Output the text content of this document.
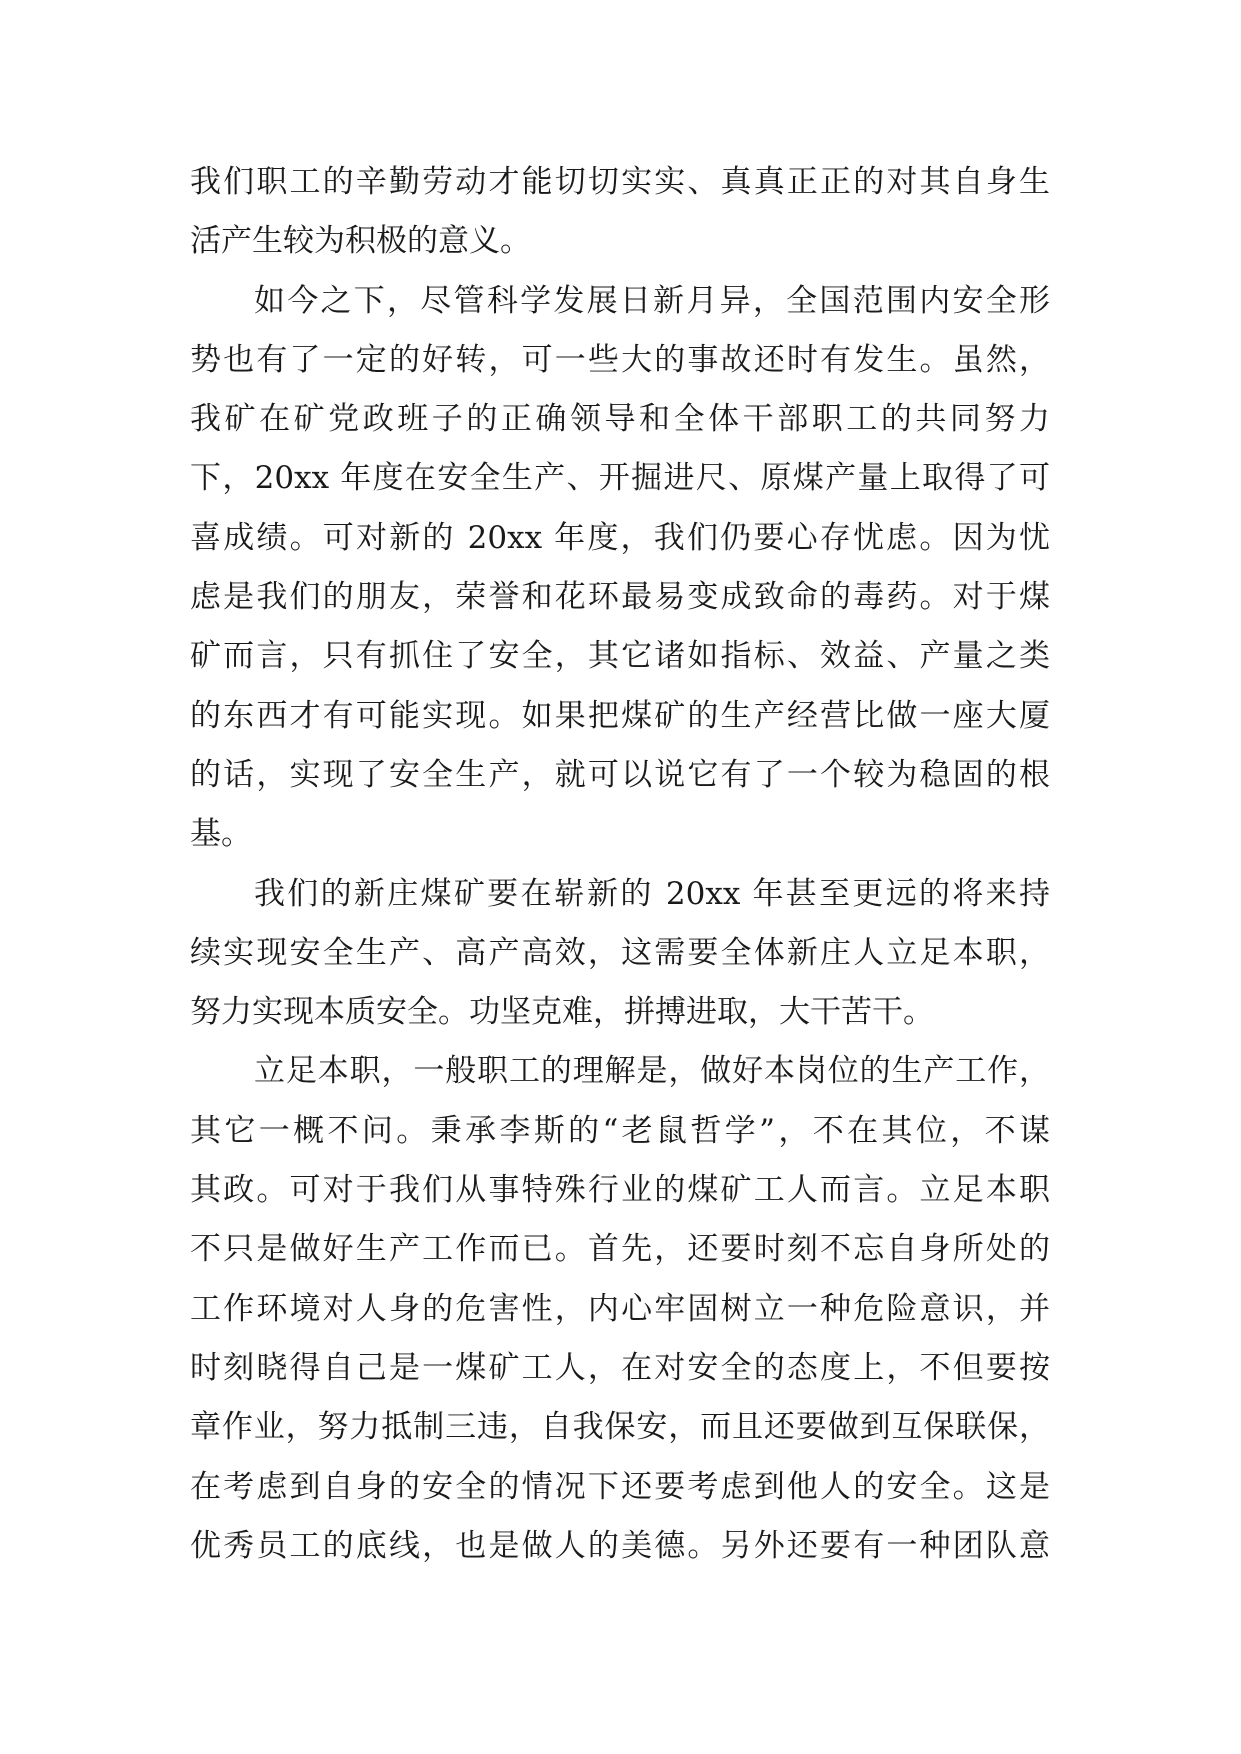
我们职工的辛勤劳动才能切切实实、真真正正的对其自身生
活产生较为积极的意义。
如今之下，尽管科学发展日新月异，全国范围内安全形
势也有了一定的好转，可一些大的事故还时有发生。虽然，
我矿在矿党政班子的正确领导和全体干部职工的共同努力
下，20xx 年度在安全生产、开掘进尺、原煤产量上取得了可
喜成绩。可对新的 20xx 年度，我们仍要心存忧虑。因为忧
虑是我们的朋友，荣誉和花环最易变成致命的毒药。对于煤
矿而言，只有抓住了安全，其它诸如指标、效益、产量之类
的东西才有可能实现。如果把煤矿的生产经营比做一座大厦
的话，实现了安全生产，就可以说它有了一个较为稳固的根
基。
我们的新庄煤矿要在崭新的 20xx 年甚至更远的将来持
续实现安全生产、高产高效，这需要全体新庄人立足本职，
努力实现本质安全。功坚克难，拼搏进取，大干苦干。
立足本职，一般职工的理解是，做好本岗位的生产工作，
其它一概不问。秉承李斯的“老鼠哲学”，不在其位，不谋
其政。可对于我们从事特殊行业的煤矿工人而言。立足本职
不只是做好生产工作而已。首先，还要时刻不忘自身所处的
工作环境对人身的危害性，内心牢固树立一种危险意识，并
时刻晓得自己是一煤矿工人，在对安全的态度上，不但要按
章作业，努力抵制三违，自我保安，而且还要做到互保联保，
在考虑到自身的安全的情况下还要考虑到他人的安全。这是
优秀员工的底线，也是做人的美德。另外还要有一种团队意
